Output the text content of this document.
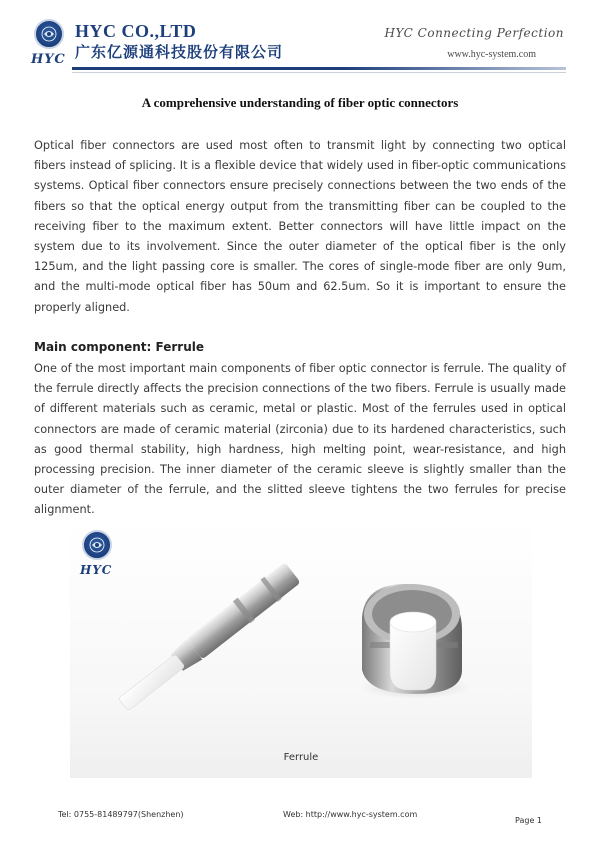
HYC
HYC CO.,LTD
广东亿源通科技股份有限公司
HYC Connecting Perfection
www.hyc-system.com
A comprehensive understanding of fiber optic connectors

Optical fiber connectors are used most often to transmit light by connecting two optical fibers instead of splicing. It is a flexible device that widely used in fiber-optic communications systems. Optical fiber connectors ensure precisely connections between the two ends of the fibers so that the optical energy output from the transmitting fiber can be coupled to the receiving fiber to the maximum extent. Better connectors will have little impact on the system due to its involvement. Since the outer diameter of the optical fiber is the only 125um, and the light passing core is smaller. The cores of single-mode fiber are only 9um, and the multi-mode optical fiber has 50um and 62.5um. So it is important to ensure the properly aligned.

Main component: Ferrule

One of the most important main components of fiber optic connector is ferrule. The quality of the ferrule directly affects the precision connections of the two fibers. Ferrule is usually made of different materials such as ceramic, metal or plastic. Most of the ferrules used in optical connectors are made of ceramic material (zirconia) due to its hardened characteristics, such as good thermal stability, high hardness, high melting point, wear-resistance, and high processing precision. The inner diameter of the ceramic sleeve is slightly smaller than the outer diameter of the ferrule, and the slitted sleeve tightens the two ferrules for precise alignment.

HYC
Ferrule
Tel: 0755-81489797(Shenzhen)	Web: http://www.hyc-system.com
Page 1
